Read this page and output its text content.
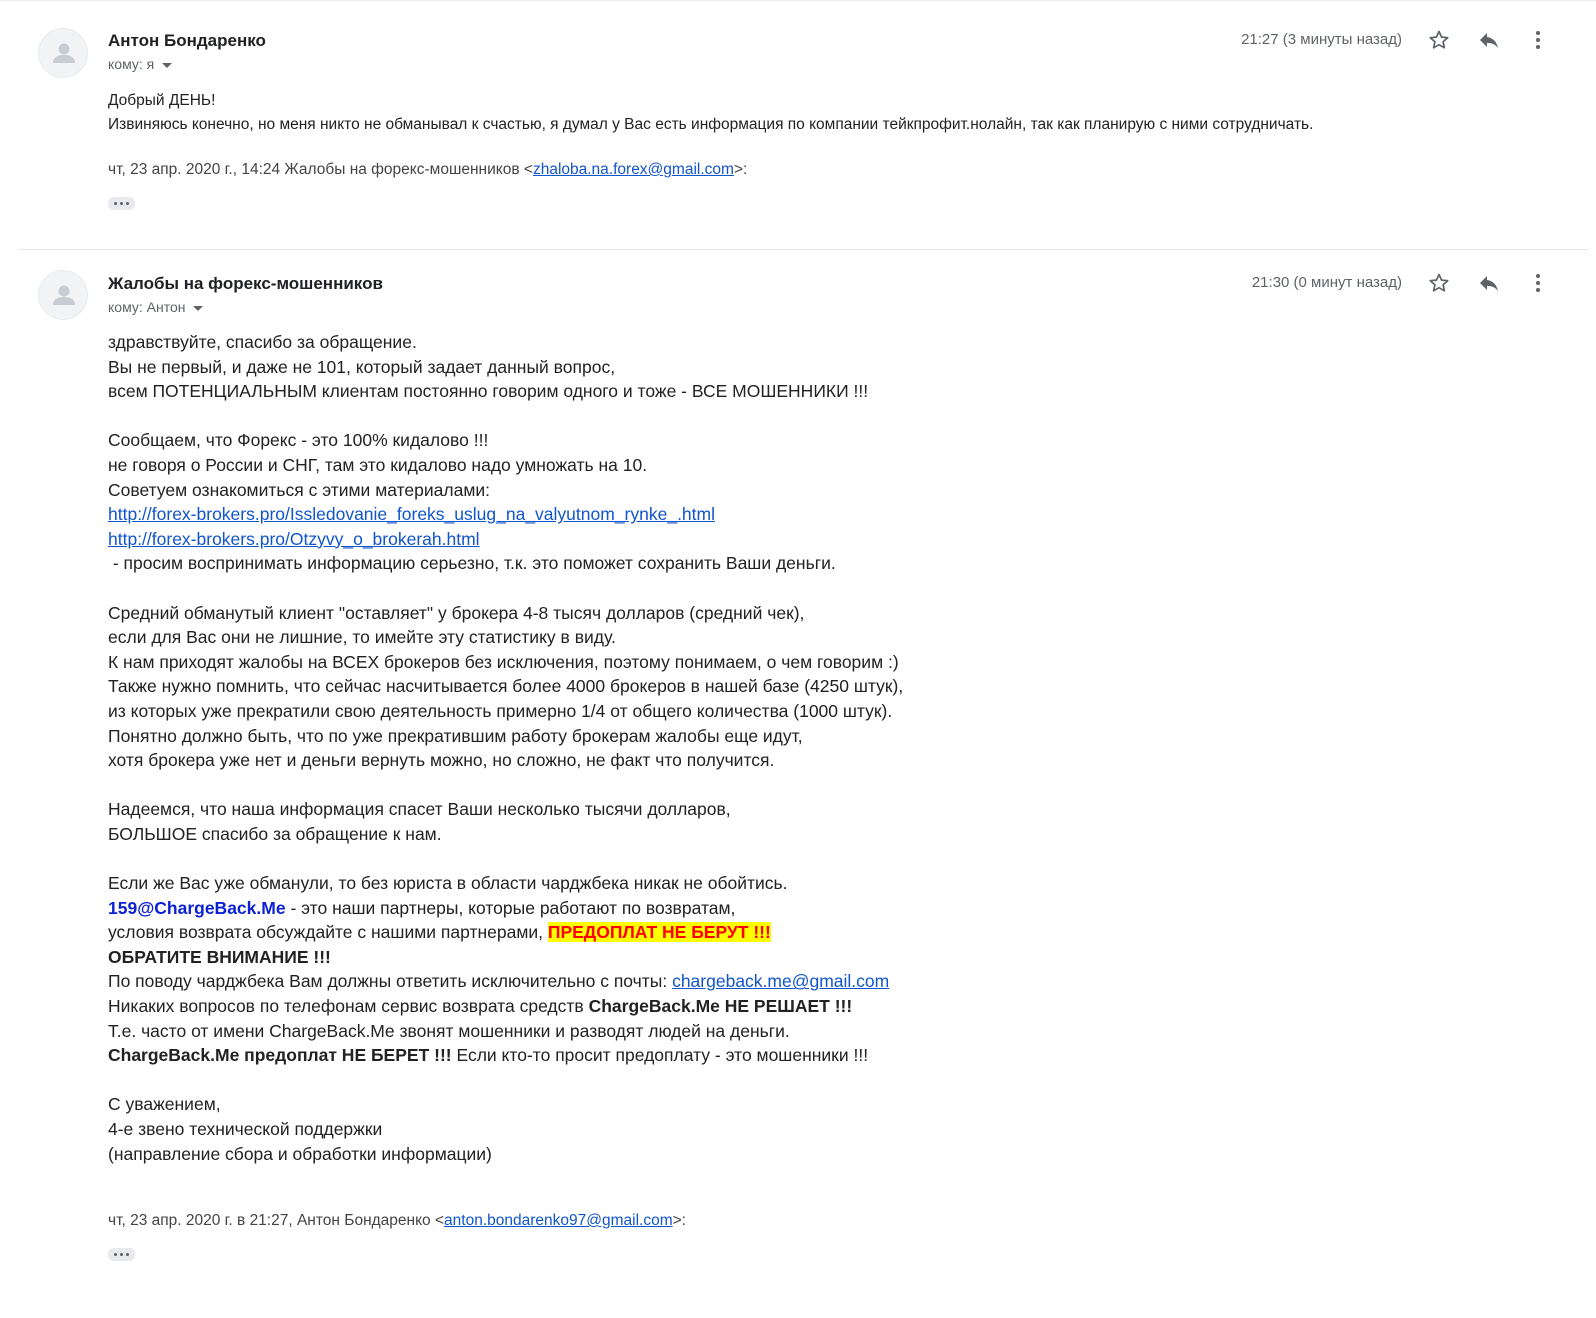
Антон Бондаренко
кому: я
21:27 (3 минуты назад)

Добрый ДЕНЬ!

Извиняюсь конечно, но меня никто не обманывал к счастью, я думал у Вас есть информация по компании тейкпрофит.нолайн, так как планирую с ними сотрудничать.

чт, 23 апр. 2020 г., 14:24 Жалобы на форекс-мошенников <zhaloba.na.forex@gmail.com>:
Жалобы на форекс-мошенников
кому: Антон
21:30 (0 минут назад)

здравствуйте, спасибо за обращение.

Вы не первый, и даже не 101, который задает данный вопрос,

всем ПОТЕНЦИАЛЬНЫМ клиентам постоянно говорим одного и тоже - ВСЕ МОШЕННИКИ !!!

Сообщаем, что Форекс - это 100% кидалово !!!

не говоря о России и СНГ, там это кидалово надо умножать на 10.

Советуем ознакомиться с этими материалами:

http://forex-brokers.pro/Issledovanie_foreks_uslug_na_valyutnom_rynke_.html

http://forex-brokers.pro/Otzyvy_o_brokerah.html

- просим воспринимать информацию серьезно, т.к. это поможет сохранить Ваши деньги.

Средний обманутый клиент "оставляет" у брокера 4-8 тысяч долларов (средний чек),

если для Вас они не лишние, то имейте эту статистику в виду.

К нам приходят жалобы на ВСЕХ брокеров без исключения, поэтому понимаем, о чем говорим :)

Также нужно помнить, что сейчас насчитывается более 4000 брокеров в нашей базе (4250 штук),

из которых уже прекратили свою деятельность примерно 1/4 от общего количества (1000 штук).

Понятно должно быть, что по уже прекратившим работу брокерам жалобы еще идут,

хотя брокера уже нет и деньги вернуть можно, но сложно, не факт что получится.

Надеемся, что наша информация спасет Ваши несколько тысячи долларов,

БОЛЬШОЕ спасибо за обращение к нам.

Если же Вас уже обманули, то без юриста в области чарджбека никак не обойтись.

159@ChargeBack.Me - это наши партнеры, которые работают по возвратам,

условия возврата обсуждайте с нашими партнерами, ПРЕДОПЛАТ НЕ БЕРУТ !!!

ОБРАТИТЕ ВНИМАНИЕ !!!

По поводу чарджбека Вам должны ответить исключительно с почты: chargeback.me@gmail.com

Никаких вопросов по телефонам сервис возврата средств ChargeBack.Me НЕ РЕШАЕТ !!!

Т.е. часто от имени ChargeBack.Me звонят мошенники и разводят людей на деньги.

ChargeBack.Me предоплат НЕ БЕРЕТ !!! Если кто-то просит предоплату - это мошенники !!!

С уважением,

4-е звено технической поддержки

(направление сбора и обработки информации)

чт, 23 апр. 2020 г. в 21:27, Антон Бондаренко <anton.bondarenko97@gmail.com>:
